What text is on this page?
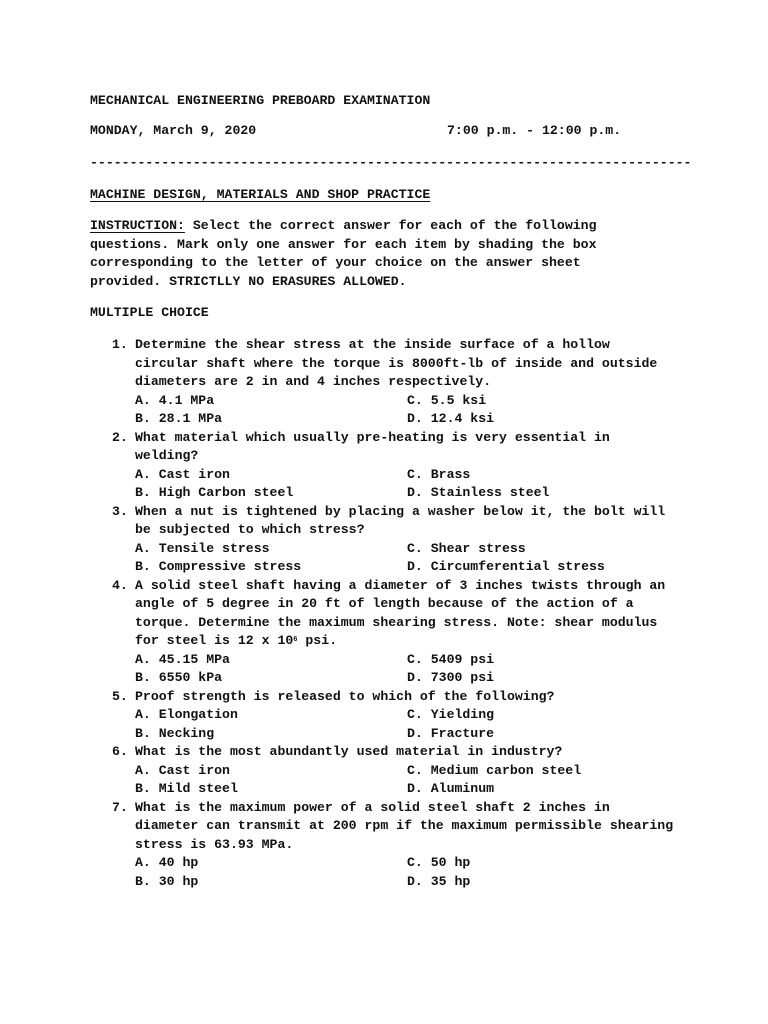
MECHANICAL ENGINEERING PREBOARD EXAMINATION
MONDAY, March 9, 2020	7:00 p.m. - 12:00 p.m.
----------------------------------------------------------------------------
MACHINE DESIGN, MATERIALS AND SHOP PRACTICE
INSTRUCTION: Select the correct answer for each of the following questions. Mark only one answer for each item by shading the box corresponding to the letter of your choice on the answer sheet provided. STRICTLLY NO ERASURES ALLOWED.
MULTIPLE CHOICE
1. Determine the shear stress at the inside surface of a hollow circular shaft where the torque is 8000ft-lb of inside and outside diameters are 2 in and 4 inches respectively.
A. 4.1 MPa	C. 5.5 ksi
B. 28.1 MPa	D. 12.4 ksi
2. What material which usually pre-heating is very essential in welding?
A. Cast iron	C. Brass
B. High Carbon steel	D. Stainless steel
3. When a nut is tightened by placing a washer below it, the bolt will be subjected to which stress?
A. Tensile stress	C. Shear stress
B. Compressive stress	D. Circumferential stress
4. A solid steel shaft having a diameter of 3 inches twists through an angle of 5 degree in 20 ft of length because of the action of a torque. Determine the maximum shearing stress. Note: shear modulus for steel is 12 x $10^6$ psi.
A. 45.15 MPa	C. 5409 psi
B. 6550 kPa	D. 7300 psi
5. Proof strength is released to which of the following?
A. Elongation	C. Yielding
B. Necking	D. Fracture
6. What is the most abundantly used material in industry?
A. Cast iron	C. Medium carbon steel
B. Mild steel	D. Aluminum
7. What is the maximum power of a solid steel shaft 2 inches in diameter can transmit at 200 rpm if the maximum permissible shearing stress is 63.93 MPa.
A. 40 hp	C. 50 hp
B. 30 hp	D. 35 hp
